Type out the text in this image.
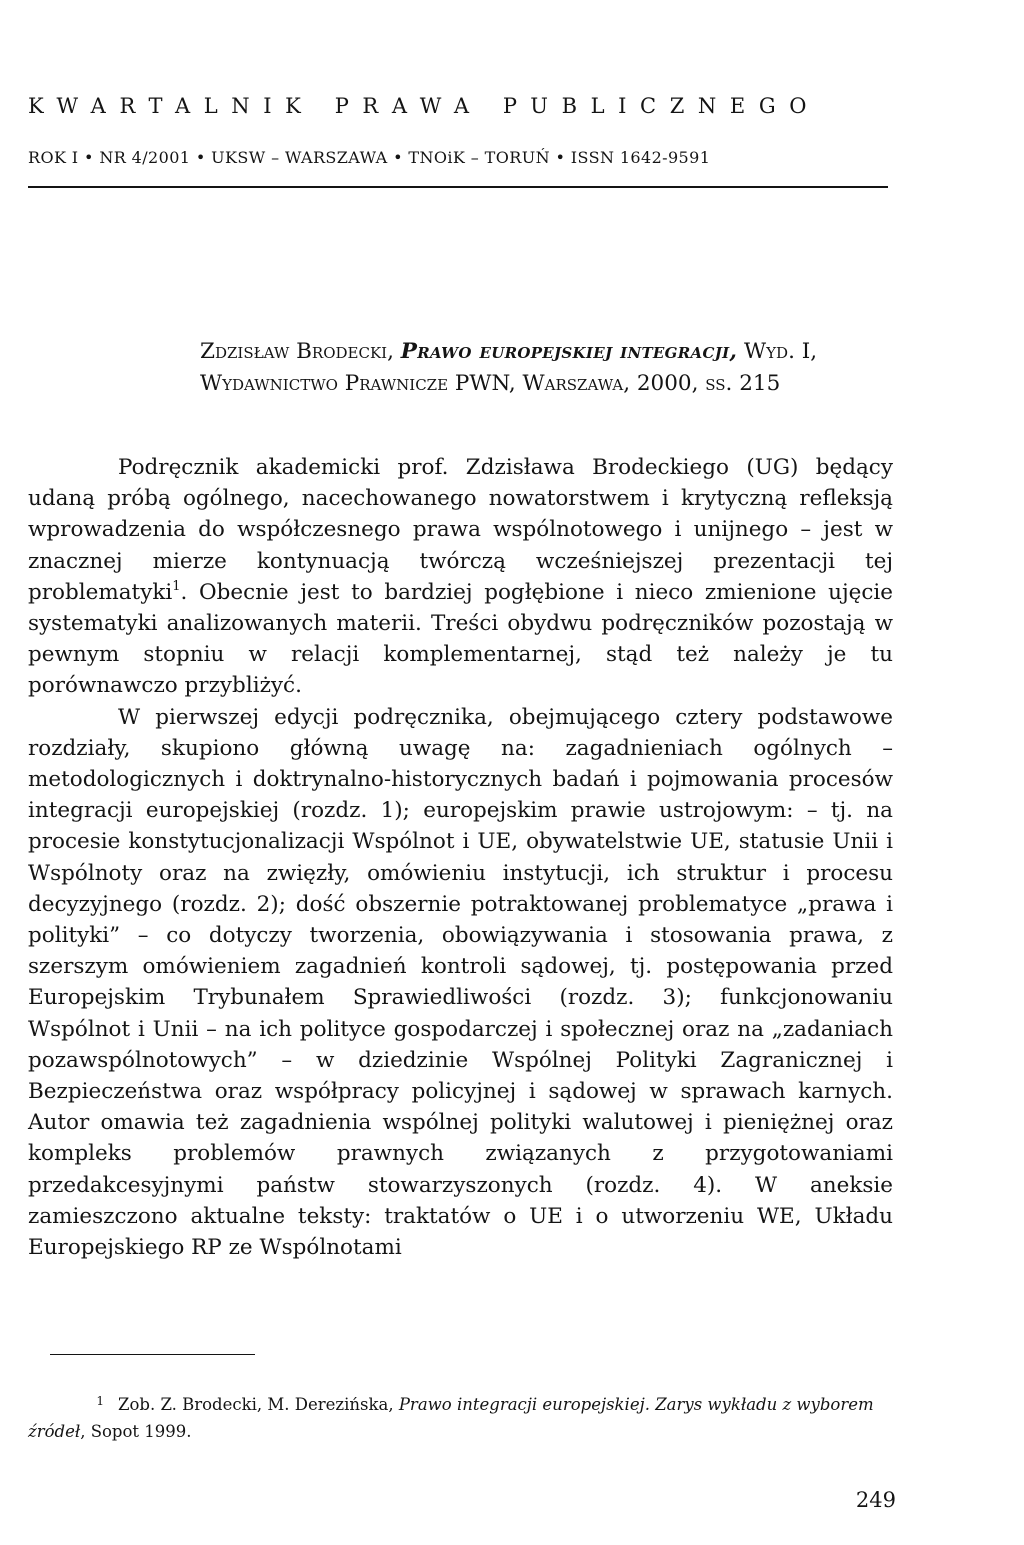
KWARTALNIK PRAWA PUBLICZNEGO
ROK I • NR 4/2001 • UKSW – WARSZAWA • TNOiK – TORUŃ • ISSN 1642-9591
Zdzisław Brodecki, Prawo europejskiej integracji, Wyd. I, Wydawnictwo Prawnicze PWN, Warszawa, 2000, ss. 215

Podręcznik akademicki prof. Zdzisława Brodeckiego (UG) będący udaną próbą ogólnego, nacechowanego nowatorstwem i krytyczną refleksją wprowadzenia do współczesnego prawa wspólnotowego i unijnego – jest w znacznej mierze kontynuacją twórczą wcześniejszej prezentacji tej problematyki$^1$. Obecnie jest to bardziej pogłębione i nieco zmienione ujęcie systematyki analizowanych materii. Treści obydwu podręczników pozostają w pewnym stopniu w relacji komplementarnej, stąd też należy je tu porównawczo przybliżyć.

W pierwszej edycji podręcznika, obejmującego cztery podstawowe rozdziały, skupiono główną uwagę na: zagadnieniach ogólnych – metodologicznych i doktrynalno-historycznych badań i pojmowania procesów integracji europejskiej (rozdz. 1); europejskim prawie ustrojowym: – tj. na procesie konstytucjonalizacji Wspólnot i UE, obywatelstwie UE, statusie Unii i Wspólnoty oraz na zwięzły, omówieniu instytucji, ich struktur i procesu decyzyjnego (rozdz. 2); dość obszernie potraktowanej problematyce „prawa i polityki” – co dotyczy tworzenia, obowiązywania i stosowania prawa, z szerszym omówieniem zagadnień kontroli sądowej, tj. postępowania przed Europejskim Trybunałem Sprawiedliwości (rozdz. 3); funkcjonowaniu Wspólnot i Unii – na ich polityce gospodarczej i społecznej oraz na „zadaniach pozawspólnotowych” – w dziedzinie Wspólnej Polityki Zagranicznej i Bezpieczeństwa oraz współpracy policyjnej i sądowej w sprawach karnych. Autor omawia też zagadnienia wspólnej polityki walutowej i pieniężnej oraz kompleks problemów prawnych związanych z przygotowaniami przedakcesyjnymi państw stowarzyszonych (rozdz. 4). W aneksie zamieszczono aktualne teksty: traktatów o UE i o utworzeniu WE, Układu Europejskiego RP ze Wspólnotami

1 Zob. Z. Brodecki, M. Derezińska, Prawo integracji europejskiej. Zarys wykładu z wyborem źródeł, Sopot 1999.
249
